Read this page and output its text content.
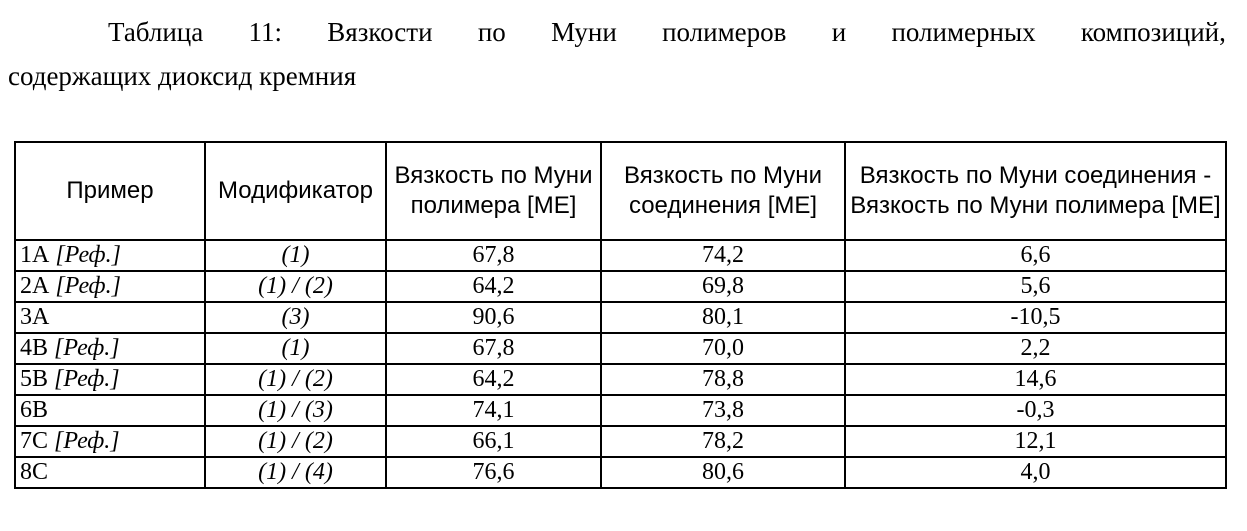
Таблица 11: Вязкости по Муни полимеров и полимерных композиций,
содержащих диоксид кремния
Пример	Модификатор	Вязкость по Муни полимера [МЕ]	Вязкость по Муни соединения [МЕ]	Вязкость по Муни соединения - Вязкость по Муни полимера [МЕ]
1А [Реф.]	(1)	67,8	74,2	6,6
2А [Реф.]	(1) / (2)	64,2	69,8	5,6
3А	(3)	90,6	80,1	-10,5
4В [Реф.]	(1)	67,8	70,0	2,2
5В [Реф.]	(1) / (2)	64,2	78,8	14,6
6В	(1) / (3)	74,1	73,8	-0,3
7С [Реф.]	(1) / (2)	66,1	78,2	12,1
8С	(1) / (4)	76,6	80,6	4,0
